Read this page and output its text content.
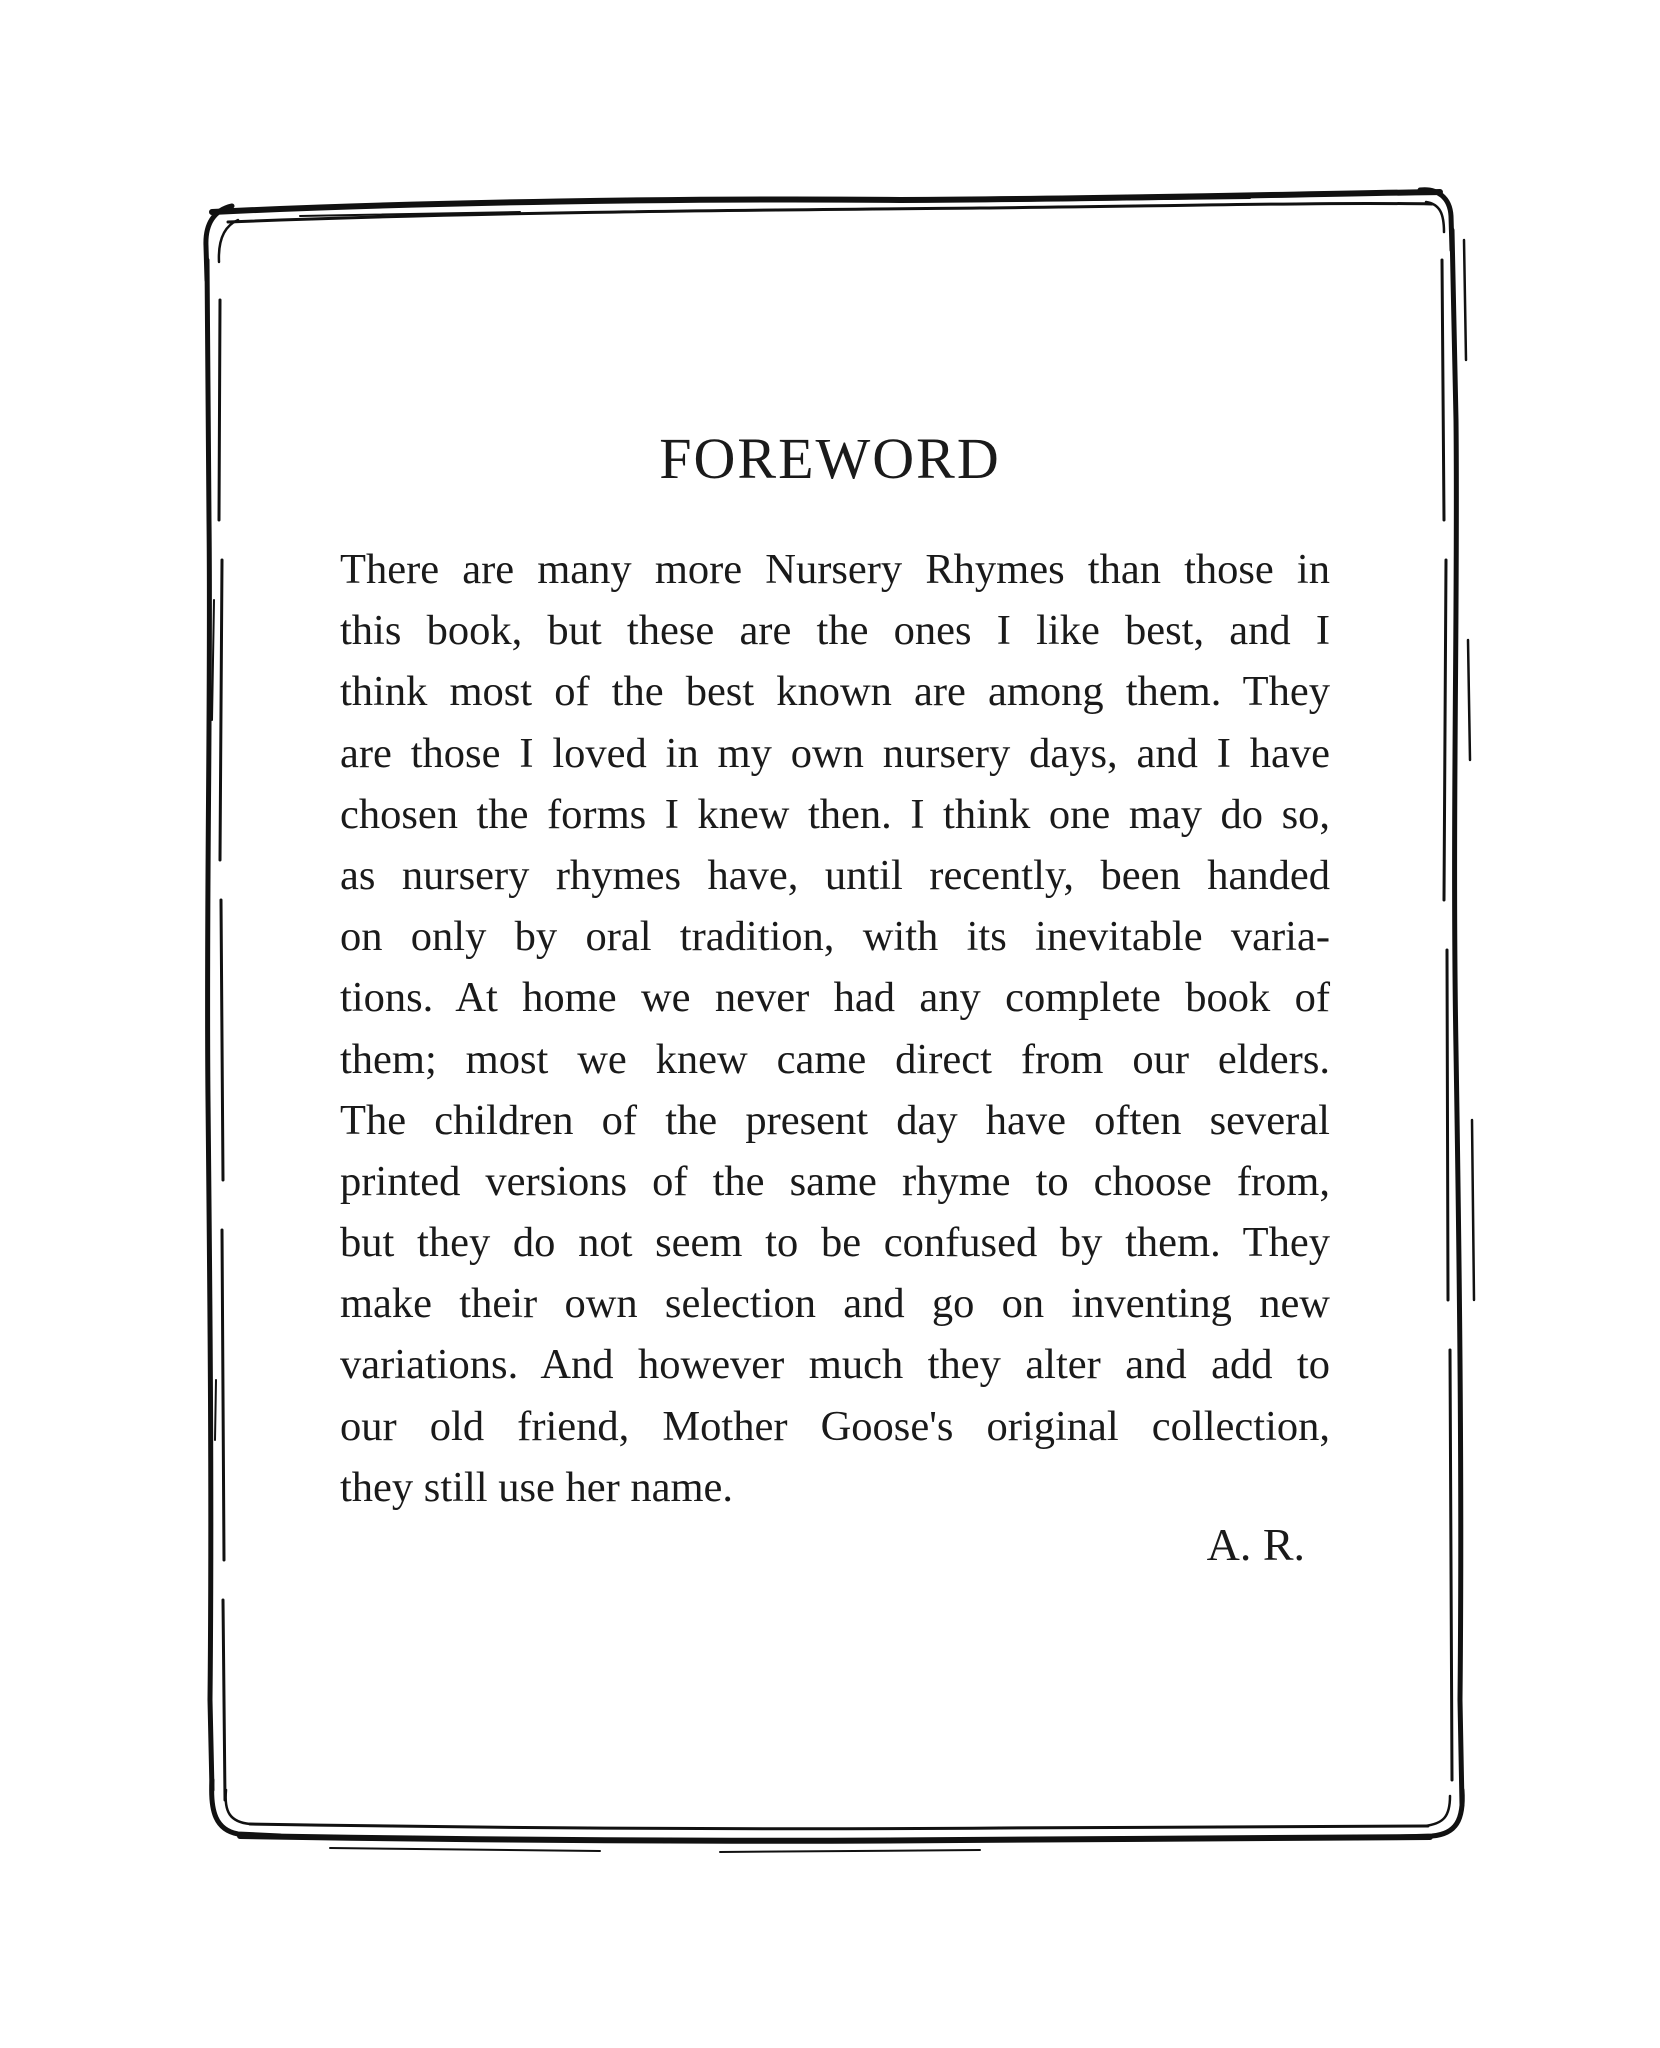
FOREWORD
There are many more Nursery Rhymes than those in
this book, but these are the ones I like best, and I
think most of the best known are among them. They
are those I loved in my own nursery days, and I have
chosen the forms I knew then. I think one may do so,
as nursery rhymes have, until recently, been handed
on only by oral tradition, with its inevitable varia-
tions. At home we never had any complete book of
them; most we knew came direct from our elders.
The children of the present day have often several
printed versions of the same rhyme to choose from,
but they do not seem to be confused by them. They
make their own selection and go on inventing new
variations. And however much they alter and add to
our old friend, Mother Goose's original collection,
they still use her name.

A. R.
